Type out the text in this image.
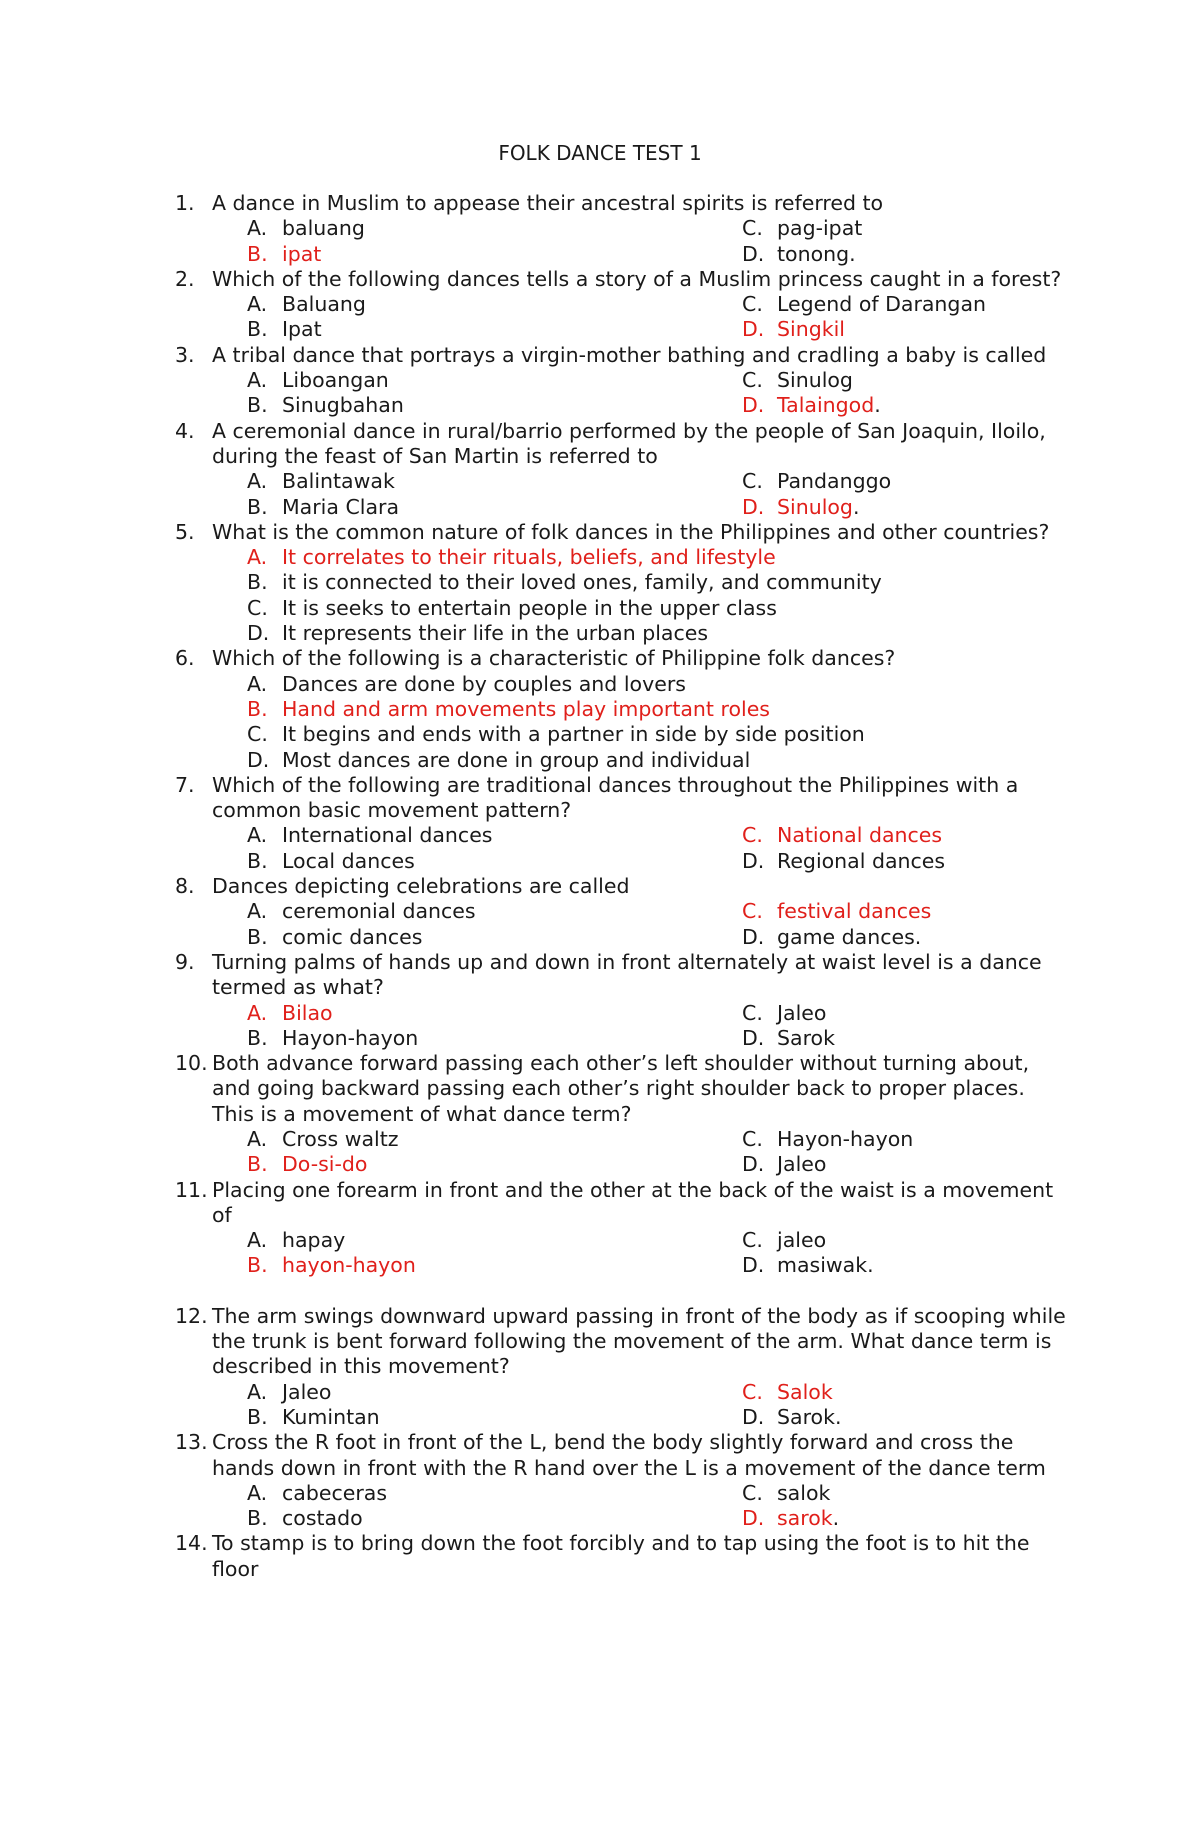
FOLK DANCE TEST 1
1. A dance in Muslim to appease their ancestral spirits is referred to
A. baluang	C. pag-ipat
B. ipat	D. tonong.
2. Which of the following dances tells a story of a Muslim princess caught in a forest?
A. Baluang	C. Legend of Darangan
B. Ipat	D. Singkil
3. A tribal dance that portrays a virgin-mother bathing and cradling a baby is called
A. Liboangan	C. Sinulog
B. Sinugbahan	D. Talaingod.
4. A ceremonial dance in rural/barrio performed by the people of San Joaquin, Iloilo, during the feast of San Martin is referred to
A. Balintawak	C. Pandanggo
B. Maria Clara	D. Sinulog.
5. What is the common nature of folk dances in the Philippines and other countries?
A. It correlates to their rituals, beliefs, and lifestyle
B. it is connected to their loved ones, family, and community
C. It is seeks to entertain people in the upper class
D. It represents their life in the urban places
6. Which of the following is a characteristic of Philippine folk dances?
A. Dances are done by couples and lovers
B. Hand and arm movements play important roles
C. It begins and ends with a partner in side by side position
D. Most dances are done in group and individual
7. Which of the following are traditional dances throughout the Philippines with a common basic movement pattern?
A. International dances	C. National dances
B. Local dances	D. Regional dances
8. Dances depicting celebrations are called
A. ceremonial dances	C. festival dances
B. comic dances	D. game dances.
9. Turning palms of hands up and down in front alternately at waist level is a dance termed as what?
A. Bilao	C. Jaleo
B. Hayon-hayon	D. Sarok
10. Both advance forward passing each other’s left shoulder without turning about, and going backward passing each other’s right shoulder back to proper places. This is a movement of what dance term?
A. Cross waltz	C. Hayon-hayon
B. Do-si-do	D. Jaleo
11. Placing one forearm in front and the other at the back of the waist is a movement of
A. hapay	C. jaleo
B. hayon-hayon	D. masiwak.
12. The arm swings downward upward passing in front of the body as if scooping while the trunk is bent forward following the movement of the arm. What dance term is described in this movement?
A. Jaleo	C. Salok
B. Kumintan	D. Sarok.
13. Cross the R foot in front of the L, bend the body slightly forward and cross the hands down in front with the R hand over the L is a movement of the dance term
A. cabeceras	C. salok
B. costado	D. sarok.
14. To stamp is to bring down the foot forcibly and to tap using the foot is to hit the floor
